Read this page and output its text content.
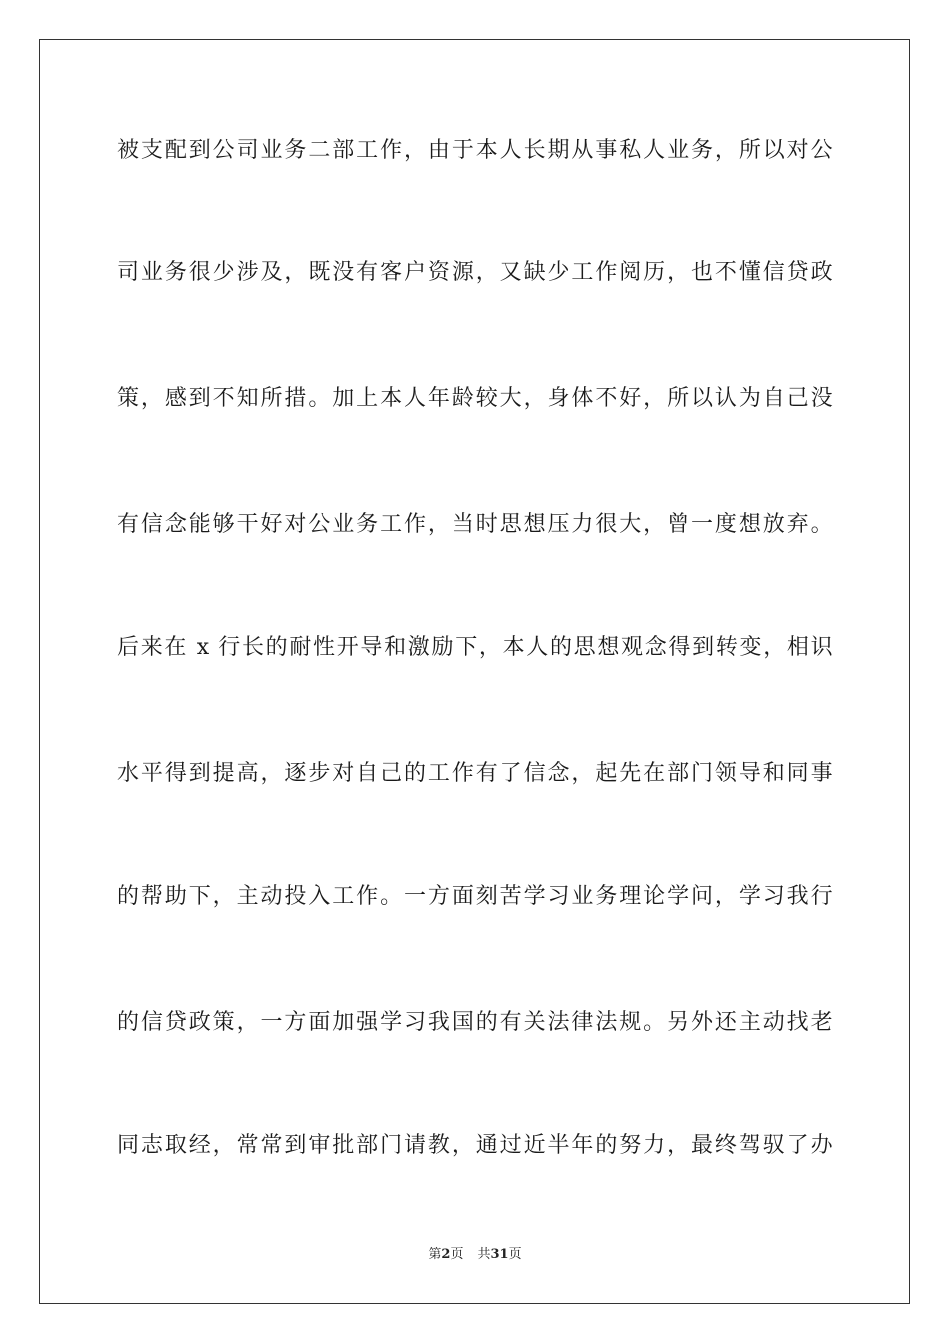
被支配到公司业务二部工作，由于本人长期从事私人业务，所以对公
司业务很少涉及，既没有客户资源，又缺少工作阅历，也不懂信贷政
策，感到不知所措。加上本人年龄较大，身体不好，所以认为自己没
有信念能够干好对公业务工作，当时思想压力很大，曾一度想放弃。
后来在 x 行长的耐性开导和激励下，本人的思想观念得到转变，相识
水平得到提高，逐步对自己的工作有了信念，起先在部门领导和同事
的帮助下，主动投入工作。一方面刻苦学习业务理论学问，学习我行
的信贷政策，一方面加强学习我国的有关法律法规。另外还主动找老
同志取经，常常到审批部门请教，通过近半年的努力，最终驾驭了办
第2页 共31页
